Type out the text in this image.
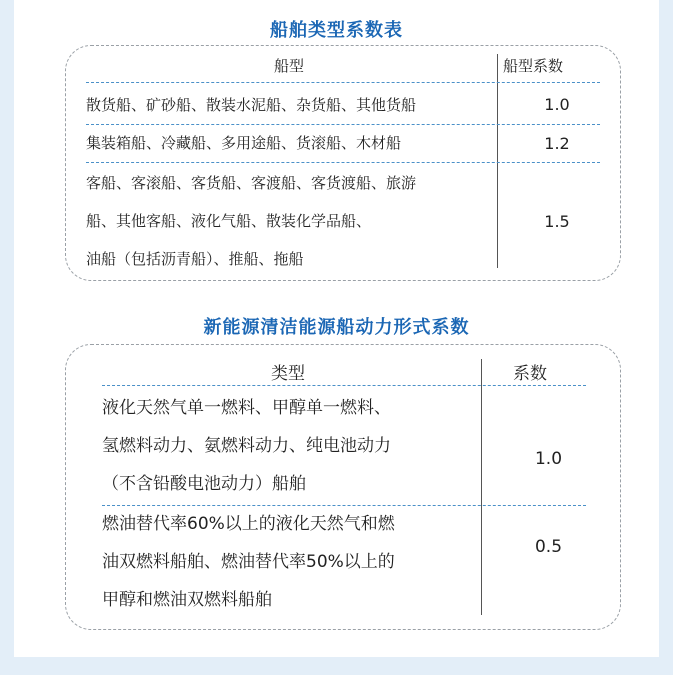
船舶类型系数表
船型	船型系数
散货船、矿砂船、散装水泥船、杂货船、其他货船	1.0
集装箱船、冷藏船、多用途船、货滚船、木材船	1.2
客船、客滚船、客货船、客渡船、客货渡船、旅游
船、其他客船、液化气船、散装化学品船、
油船（包括沥青船）、推船、拖船
1.5
新能源清洁能源船动力形式系数
类型	系数
液化天然气单一燃料、甲醇单一燃料、
氢燃料动力、氨燃料动力、纯电池动力
（不含铅酸电池动力）船舶
1.0
燃油替代率60%以上的液化天然气和燃
油双燃料船舶、燃油替代率50%以上的
甲醇和燃油双燃料船舶
0.5
